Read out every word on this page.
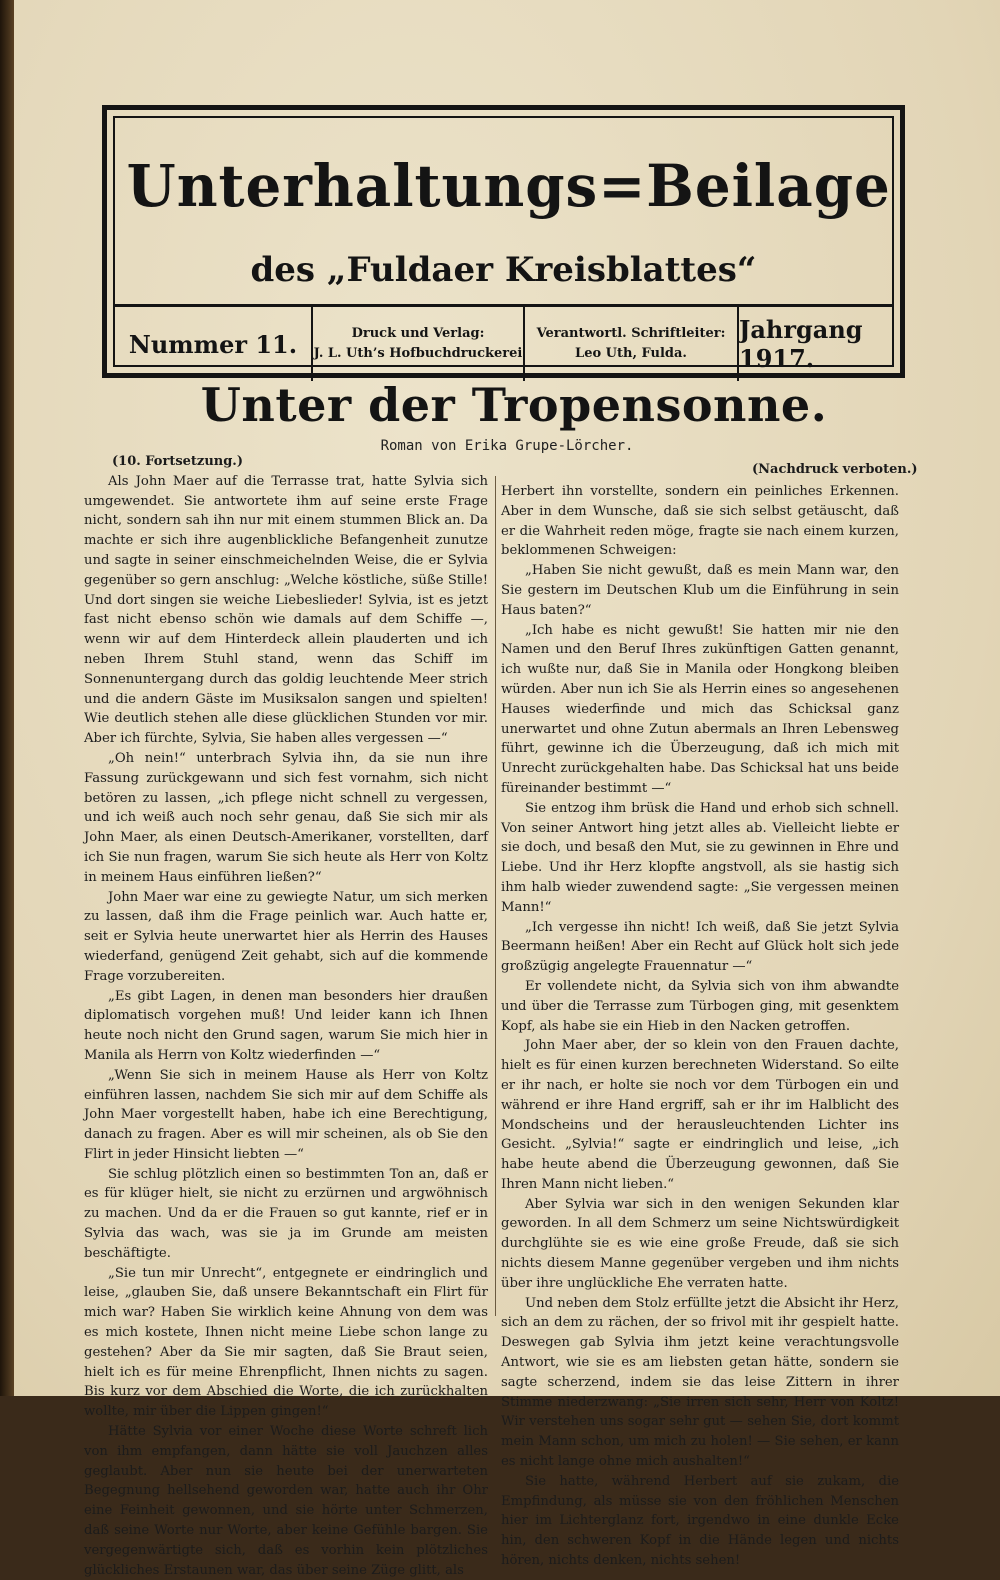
Unterhaltungs=Beilage
des „Fuldaer Kreisblattes“
Nummer 11.	Druck und Verlag:
J. L. Uth’s Hofbuchdruckerei
Verantwortl. Schriftleiter:
Leo Uth, Fulda.
Jahrgang 1917.
Unter der Tropensonne.
Roman von Erika Grupe-Lörcher.
(Nachdruck verboten.)
(10. Fortsetzung.)

Als John Maer auf die Terrasse trat, hatte Sylvia sich umgewendet. Sie antwortete ihm auf seine erste Frage nicht, sondern sah ihn nur mit einem stummen Blick an. Da machte er sich ihre augenblickliche Befangenheit zunutze und sagte in seiner einschmeichelnden Weise, die er Sylvia gegenüber so gern anschlug: „Welche köstliche, süße Stille! Und dort singen sie weiche Liebeslieder! Sylvia, ist es jetzt fast nicht ebenso schön wie damals auf dem Schiffe —, wenn wir auf dem Hinterdeck allein plauderten und ich neben Ihrem Stuhl stand, wenn das Schiff im Sonnenuntergang durch das goldig leuchtende Meer strich und die andern Gäste im Musiksalon sangen und spielten! Wie deutlich stehen alle diese glücklichen Stunden vor mir. Aber ich fürchte, Sylvia, Sie haben alles vergessen —“

„Oh nein!“ unterbrach Sylvia ihn, da sie nun ihre Fassung zurückgewann und sich fest vornahm, sich nicht betören zu lassen, „ich pflege nicht schnell zu vergessen, und ich weiß auch noch sehr genau, daß Sie sich mir als John Maer, als einen Deutsch-Amerikaner, vorstellten, darf ich Sie nun fragen, warum Sie sich heute als Herr von Koltz in meinem Haus einführen ließen?“

John Maer war eine zu gewiegte Natur, um sich merken zu lassen, daß ihm die Frage peinlich war. Auch hatte er, seit er Sylvia heute unerwartet hier als Herrin des Hauses wiederfand, genügend Zeit gehabt, sich auf die kommende Frage vorzubereiten.

„Es gibt Lagen, in denen man besonders hier draußen diplomatisch vorgehen muß! Und leider kann ich Ihnen heute noch nicht den Grund sagen, warum Sie mich hier in Manila als Herrn von Koltz wiederfinden —“

„Wenn Sie sich in meinem Hause als Herr von Koltz einführen lassen, nachdem Sie sich mir auf dem Schiffe als John Maer vorgestellt haben, habe ich eine Berechtigung, danach zu fragen. Aber es will mir scheinen, als ob Sie den Flirt in jeder Hinsicht liebten —“

Sie schlug plötzlich einen so bestimmten Ton an, daß er es für klüger hielt, sie nicht zu erzürnen und argwöhnisch zu machen. Und da er die Frauen so gut kannte, rief er in Sylvia das wach, was sie ja im Grunde am meisten beschäftigte.

„Sie tun mir Unrecht“, entgegnete er eindringlich und leise, „glauben Sie, daß unsere Bekanntschaft ein Flirt für mich war? Haben Sie wirklich keine Ahnung von dem was es mich kostete, Ihnen nicht meine Liebe schon lange zu gestehen? Aber da Sie mir sagten, daß Sie Braut seien, hielt ich es für meine Ehrenpflicht, Ihnen nichts zu sagen. Bis kurz vor dem Abschied die Worte, die ich zurückhalten wollte, mir über die Lippen gingen!“

Hätte Sylvia vor einer Woche diese Worte schreft lich von ihm empfangen, dann hätte sie voll Jauchzen alles geglaubt. Aber nun sie heute bei der unerwarteten Begegnung hellsehend geworden war, hatte auch ihr Ohr eine Feinheit gewonnen, und sie hörte unter Schmerzen, daß seine Worte nur Worte, aber keine Gefühle bargen. Sie vergegenwärtigte sich, daß es vorhin kein plötzliches glückliches Erstaunen war, das über seine Züge glitt, als

Herbert ihn vorstellte, sondern ein peinliches Erkennen. Aber in dem Wunsche, daß sie sich selbst getäuscht, daß er die Wahrheit reden möge, fragte sie nach einem kurzen, beklommenen Schweigen:

„Haben Sie nicht gewußt, daß es mein Mann war, den Sie gestern im Deutschen Klub um die Einführung in sein Haus baten?“

„Ich habe es nicht gewußt! Sie hatten mir nie den Namen und den Beruf Ihres zukünftigen Gatten genannt, ich wußte nur, daß Sie in Manila oder Hongkong bleiben würden. Aber nun ich Sie als Herrin eines so angesehenen Hauses wiederfinde und mich das Schicksal ganz unerwartet und ohne Zutun abermals an Ihren Lebensweg führt, gewinne ich die Überzeugung, daß ich mich mit Unrecht zurückgehalten habe. Das Schicksal hat uns beide füreinander bestimmt —“

Sie entzog ihm brüsk die Hand und erhob sich schnell. Von seiner Antwort hing jetzt alles ab. Vielleicht liebte er sie doch, und besaß den Mut, sie zu gewinnen in Ehre und Liebe. Und ihr Herz klopfte angstvoll, als sie hastig sich ihm halb wieder zuwendend sagte: „Sie vergessen meinen Mann!“

„Ich vergesse ihn nicht! Ich weiß, daß Sie jetzt Sylvia Beermann heißen! Aber ein Recht auf Glück holt sich jede großzügig angelegte Frauennatur —“

Er vollendete nicht, da Sylvia sich von ihm abwandte und über die Terrasse zum Türbogen ging, mit gesenktem Kopf, als habe sie ein Hieb in den Nacken getroffen.

John Maer aber, der so klein von den Frauen dachte, hielt es für einen kurzen berechneten Widerstand. So eilte er ihr nach, er holte sie noch vor dem Türbogen ein und während er ihre Hand ergriff, sah er ihr im Halblicht des Mondscheins und der herausleuchtenden Lichter ins Gesicht. „Sylvia!“ sagte er eindringlich und leise, „ich habe heute abend die Überzeugung gewonnen, daß Sie Ihren Mann nicht lieben.“

Aber Sylvia war sich in den wenigen Sekunden klar geworden. In all dem Schmerz um seine Nichtswürdigkeit durchglühte sie es wie eine große Freude, daß sie sich nichts diesem Manne gegenüber vergeben und ihm nichts über ihre unglückliche Ehe verraten hatte.

Und neben dem Stolz erfüllte jetzt die Absicht ihr Herz, sich an dem zu rächen, der so frivol mit ihr gespielt hatte. Deswegen gab Sylvia ihm jetzt keine verachtungsvolle Antwort, wie sie es am liebsten getan hätte, sondern sie sagte scherzend, indem sie das leise Zittern in ihrer Stimme niederzwang: „Sie irren sich sehr, Herr von Koltz! Wir verstehen uns sogar sehr gut — sehen Sie, dort kommt mein Mann schon, um mich zu holen! — Sie sehen, er kann es nicht lange ohne mich aushalten!“

Sie hatte, während Herbert auf sie zukam, die Empfindung, als müsse sie von den fröhlichen Menschen hier im Lichterglanz fort, irgendwo in eine dunkle Ecke hin, den schweren Kopf in die Hände legen und nichts hören, nichts denken, nichts sehen!
